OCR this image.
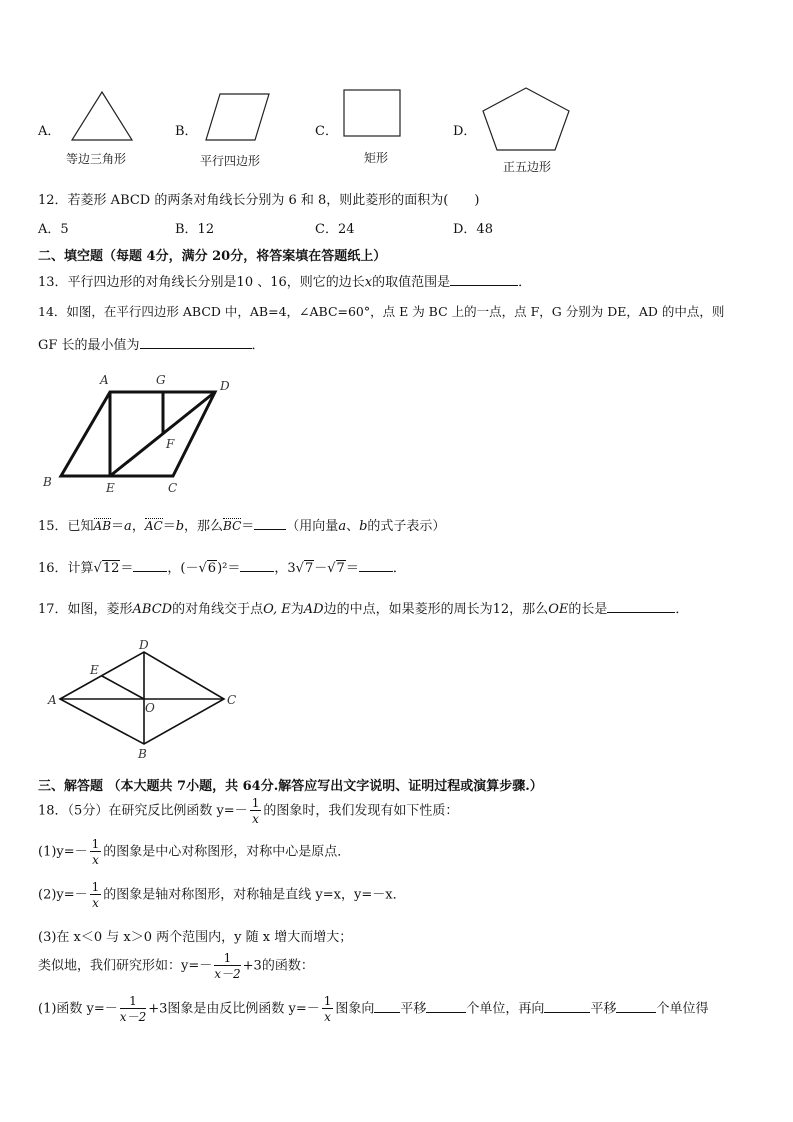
A．
等边三角形
B．
平行四边形
C．
矩形
D．
正五边形
12．若菱形 ABCD 的两条对角线长分别为 6 和 8，则此菱形的面积为(　　)
A．5	B．12	C．24	D．48
二、填空题（每题 4分，满分 20分，将答案填在答题纸上）
13．平行四边形的对角线长分别是10 、16，则它的边长x的取值范围是	．
14．如图，在平行四边形 ABCD 中，AB=4，∠ABC=60°，点 E 为 BC 上的一点，点 F，G 分别为 DE，AD 的中点，则
GF 长的最小值为	．
A	G	D
F
B	E	C
15．已知AB＝a，AC＝b，那么BC＝ （用向量a、b的式子表示）
16．计算√12＝	，(－√6)²＝	，3√7－√7＝	．
17．如图，菱形ABCD的对角线交于点O, E为AD边的中点，如果菱形的周长为12，那么OE的长是	．
D
E
A
O
C
B
三、解答题 （本大题共 7小题，共 64分.解答应写出文字说明、证明过程或演算步骤.）
18．（5分）在研究反比例函数 $y=- \frac{1}{x}$ 的图象时，我们发现有如下性质：
$(1)y=- \frac{1}{x}$ 的图象是中心对称图形，对称中心是原点．
$(2)y=- \frac{1}{x}$ 的图象是轴对称图形，对称轴是直线 y=x，y=－x．
(3)在 x＜0 与 x＞0 两个范围内，y 随 x 增大而增大；
类似地，我们研究形如：$y=- \frac{1}{x-2} +3$的函数：
(1)函数 $y=- \frac{1}{x-2} +3$图象是由反比例函数 $y=- \frac{1}{x}$ 图象向 平移	个单位，再向	平移	个单位得
